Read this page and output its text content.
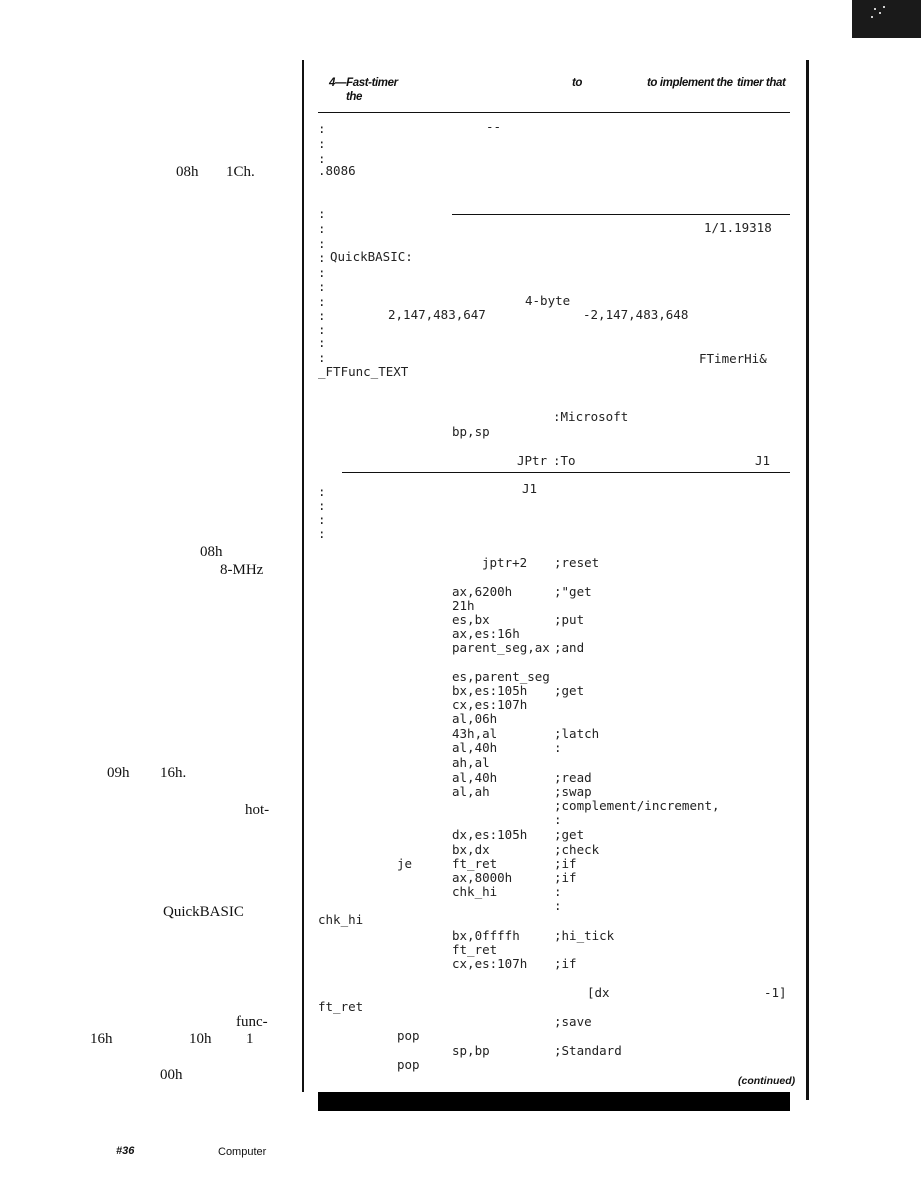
08h 1Ch.
08h
8-MHz
09h 16h.
hot-
QuickBASIC
func-
16h	10h 1
00h
4—Fast-timer	to	to implement the timer that
the
:	--
:
:
.8086
:
:	1/1.19318
:
: QuickBASIC:
:
:
:	4-byte
:	2,147,483,647	-2,147,483,648
:
:
:	FTimerHi&
_FTFunc_TEXT
:Microsoft
bp,sp
JPtr :To	J1
:	J1
:
:
:
jptr+2 ;reset
ax,6200h	;"get
21h
es,bx	;put
ax,es:16h
parent_seg,ax ;and
es,parent_seg
bx,es:105h ;get
cx,es:107h
al,06h
43h,al	;latch
al,40h	:
ah,al
al,40h	;read
al,ah	;swap
;complement/increment,
:
dx,es:105h ;get
bx,dx	;check
je	ft_ret	;if
ax,8000h	;if
chk_hi	:
:
chk_hi
bx,0ffffh	;hi_tick
ft_ret
cx,es:107h ;if
[dx	-1]
ft_ret
;save
pop
sp,bp	;Standard
pop
(continued)
#36	Computer
